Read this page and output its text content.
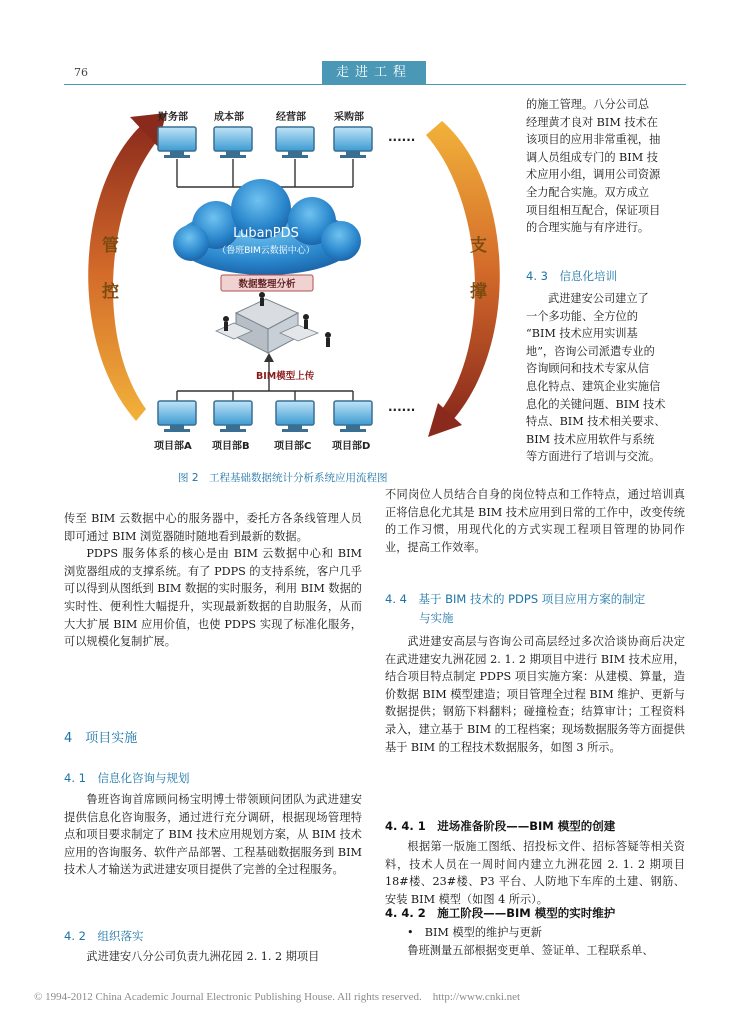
76	走进工程
管
控
支
撑
财务部	成本部	经营部	采购部
......
LubanPDS
（鲁班BIM云数据中心）
数据整理分析
BIM模型上传
......
项目部A 项目部B 项目部C 项目部D
图 2　工程基础数据统计分析系统应用流程图

的施工管理。八分公司总

经理黄才良对 BIM 技术在

该项目的应用非常重视，抽

调人员组成专门的 BIM 技

术应用小组，调用公司资源

全力配合实施。双方成立

项目组相互配合，保证项目

的合理实施与有序进行。

4. 3　信息化培训

武进建安公司建立了

一个多功能、全方位的

“BIM 技术应用实训基

地”，咨询公司派遣专业的

咨询顾问和技术专家从信

息化特点、建筑企业实施信

息化的关键问题、BIM 技术

特点、BIM 技术相关要求、

BIM 技术应用软件与系统

等方面进行了培训与交流。

传至 BIM 云数据中心的服务器中，委托方各条线管理人员即可通过 BIM 浏览器随时随地看到最新的数据。

PDPS 服务体系的核心是由 BIM 云数据中心和 BIM 浏览器组成的支撑系统。有了 PDPS 的支持系统，客户几乎可以得到从图纸到 BIM 数据的实时服务，利用 BIM 数据的实时性、便利性大幅提升，实现最新数据的自助服务，从而大大扩展 BIM 应用价值，也使 PDPS 实现了标准化服务，可以规模化复制扩展。

4　项目实施
4. 1　信息化咨询与规划

鲁班咨询首席顾问杨宝明博士带领顾问团队为武进建安提供信息化咨询服务，通过进行充分调研，根据现场管理特点和项目要求制定了 BIM 技术应用规划方案，从 BIM 技术应用的咨询服务、软件产品部署、工程基础数据服务到 BIM 技术人才输送为武进建安项目提供了完善的全过程服务。

4. 2　组织落实

武进建安八分公司负责九洲花园 2. 1. 2 期项目

不同岗位人员结合自身的岗位特点和工作特点，通过培训真正将信息化尤其是 BIM 技术应用到日常的工作中，改变传统的工作习惯，用现代化的方式实现工程项目管理的协同作业，提高工作效率。

4. 4　基于 BIM 技术的 PDPS 项目应用方案的制定
与实施

武进建安高层与咨询公司高层经过多次洽谈协商后决定在武进建安九洲花园 2. 1. 2 期项目中进行 BIM 技术应用，结合项目特点制定 PDPS 项目实施方案：从建模、算量，造价数据 BIM 模型建造；项目管理全过程 BIM 维护、更新与数据提供；钢筋下料翻料；碰撞检查；结算审计；工程资料录入，建立基于 BIM 的工程档案；现场数据服务等方面提供基于 BIM 的工程技术数据服务，如图 3 所示。

4. 4. 1　进场准备阶段——BIM 模型的创建

根据第一版施工图纸、招投标文件、招标答疑等相关资料，技术人员在一周时间内建立九洲花园 2. 1. 2 期项目 18#楼、23#楼、P3 平台、人防地下车库的土建、钢筋、安装 BIM 模型（如图 4 所示）。

4. 4. 2　施工阶段——BIM 模型的实时维护

•　BIM 模型的维护与更新

鲁班测量五部根据变更单、签证单、工程联系单、

© 1994-2012 China Academic Journal Electronic Publishing House. All rights reserved.　http://www.cnki.net
